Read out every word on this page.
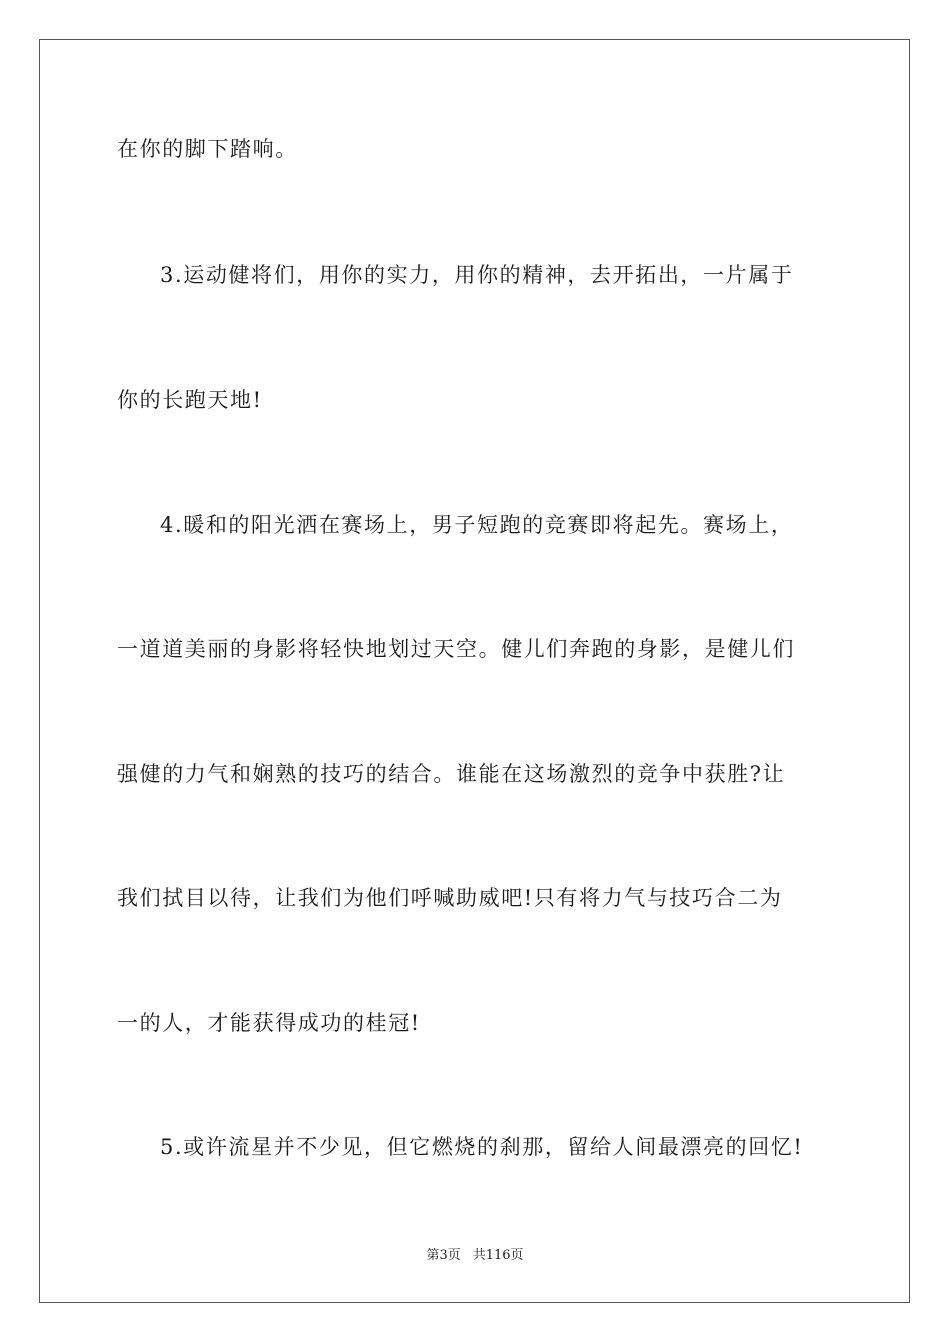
在你的脚下踏响。
3.运动健将们，用你的实力，用你的精神，去开拓出，一片属于
你的长跑天地!
4.暖和的阳光洒在赛场上，男子短跑的竞赛即将起先。赛场上，
一道道美丽的身影将轻快地划过天空。健儿们奔跑的身影，是健儿们
强健的力气和娴熟的技巧的结合。谁能在这场激烈的竞争中获胜?让
我们拭目以待，让我们为他们呼喊助威吧!只有将力气与技巧合二为
一的人，才能获得成功的桂冠!
5.或许流星并不少见，但它燃烧的刹那，留给人间最漂亮的回忆!
第3页 共116页
